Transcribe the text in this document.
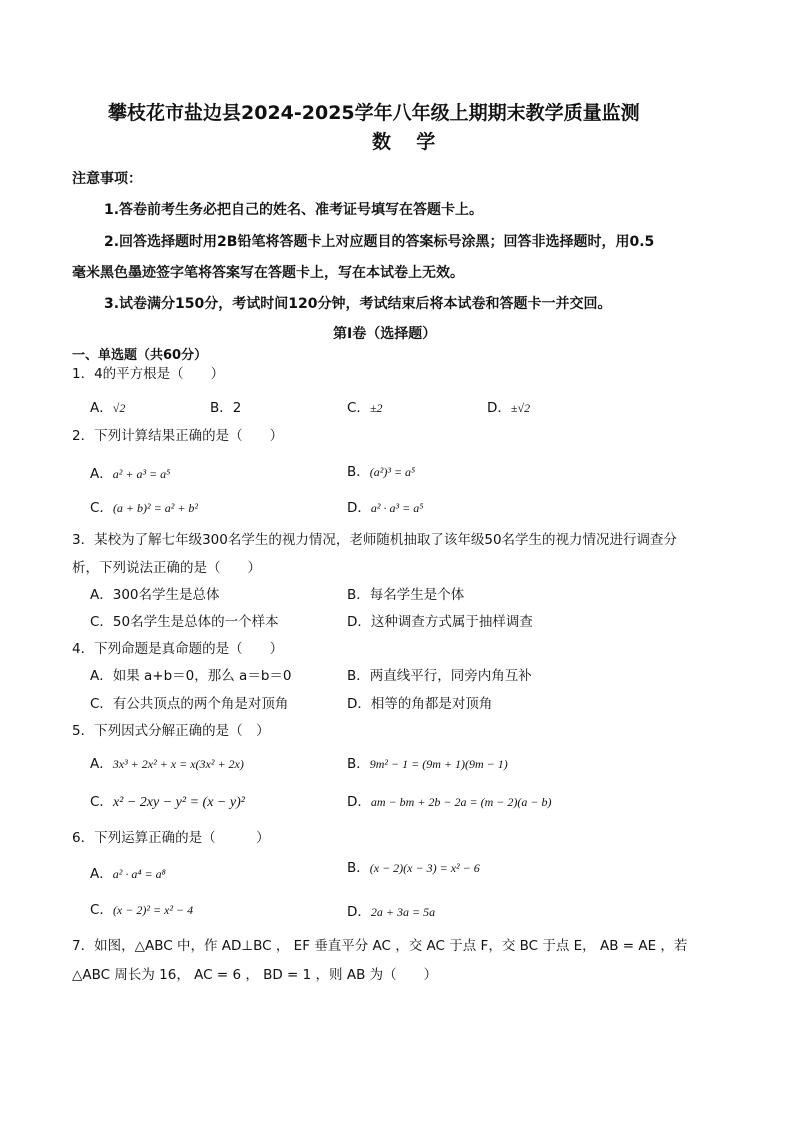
攀枝花市盐边县2024-2025学年八年级上期期末教学质量监测
数  学
注意事项：
1.答卷前考生务必把自己的姓名、准考证号填写在答题卡上。
2.回答选择题时用2B铅笔将答题卡上对应题目的答案标号涂黑；回答非选择题时，用0.5
毫米黑色墨迹签字笔将答案写在答题卡上，写在本试卷上无效。
3.试卷满分150分，考试时间120分钟，考试结束后将本试卷和答题卡一并交回。
第Ⅰ卷（选择题）
一、单选题（共60分）
1．4的平方根是（　　）
A．√2	B．2	C．±2	D．±√2
2．下列计算结果正确的是（　　）
A．a² + a³ = a⁵	B．(a²)³ = a⁵
C．(a + b)² = a² + b²	D．a² · a³ = a⁵
3．某校为了解七年级300名学生的视力情况，老师随机抽取了该年级50名学生的视力情况进行调查分
析，下列说法正确的是（　　）
A．300名学生是总体	B．每名学生是个体
C．50名学生是总体的一个样本	D．这种调查方式属于抽样调查
4．下列命题是真命题的是（　　）
A．如果 a+b＝0，那么 a＝b＝0	B．两直线平行，同旁内角互补
C．有公共顶点的两个角是对顶角	D．相等的角都是对顶角
5．下列因式分解正确的是（　）
A．3x³ + 2x² + x = x(3x² + 2x)	B．9m² − 1 = (9m + 1)(9m − 1)
C．x² − 2xy − y² = (x − y)²	D．am − bm + 2b − 2a = (m − 2)(a − b)
6．下列运算正确的是（　　　）
A．a² · a⁴ = a⁸	B．(x − 2)(x − 3) = x² − 6
C．(x − 2)² = x² − 4	D．2a + 3a = 5a
7．如图，△ABC 中，作 AD⊥BC ， EF 垂直平分 AC ，交 AC 于点 F，交 BC 于点 E， AB = AE ，若
△ABC 周长为 16， AC = 6 ， BD = 1 ，则 AB 为（　　）
